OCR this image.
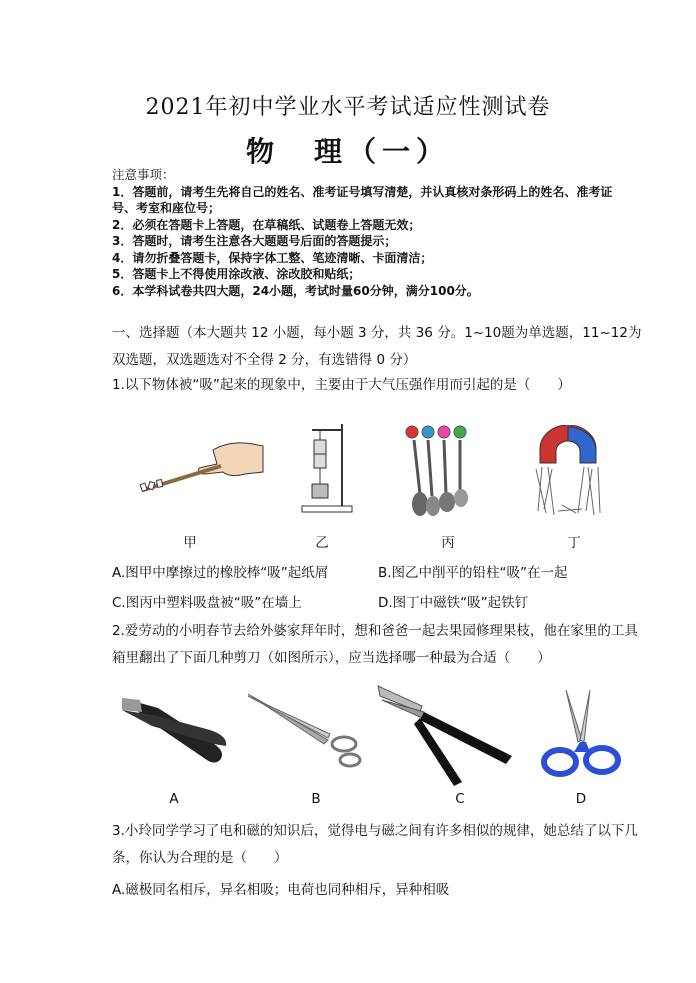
2021年初中学业水平考试适应性测试卷
物　理（一）
注意事项：
1．答题前，请考生先将自己的姓名、准考证号填写清楚，并认真核对条形码上的姓名、准考证号、考室和座位号；
2．必须在答题卡上答题，在草稿纸、试题卷上答题无效；
3．答题时，请考生注意各大题题号后面的答题提示；
4．请勿折叠答题卡，保持字体工整、笔迹清晰、卡面清洁；
5．答题卡上不得使用涂改液、涂改胶和贴纸；
6．本学科试卷共四大题，24小题，考试时量60分钟，满分100分。
一、选择题（本大题共 12 小题，每小题 3 分，共 36 分。1~10题为单选题，11~12为双选题，双选题选对不全得 2 分，有选错得 0 分）
1.以下物体被“吸”起来的现象中，主要由于大气压强作用而引起的是（　　）
甲	乙	丙	丁
A.图甲中摩擦过的橡胶棒“吸”起纸屑	B.图乙中削平的铅柱“吸”在一起
C.图丙中塑料吸盘被“吸”在墙上	D.图丁中磁铁“吸”起铁钉
2.爱劳动的小明春节去给外婆家拜年时，想和爸爸一起去果园修理果枝，他在家里的工具箱里翻出了下面几种剪刀（如图所示），应当选择哪一种最为合适（　　）
A	B	C	D
3.小玲同学学习了电和磁的知识后，觉得电与磁之间有许多相似的规律，她总结了以下几条，你认为合理的是（　　）
A.磁极同名相斥，异名相吸；电荷也同种相斥，异种相吸
